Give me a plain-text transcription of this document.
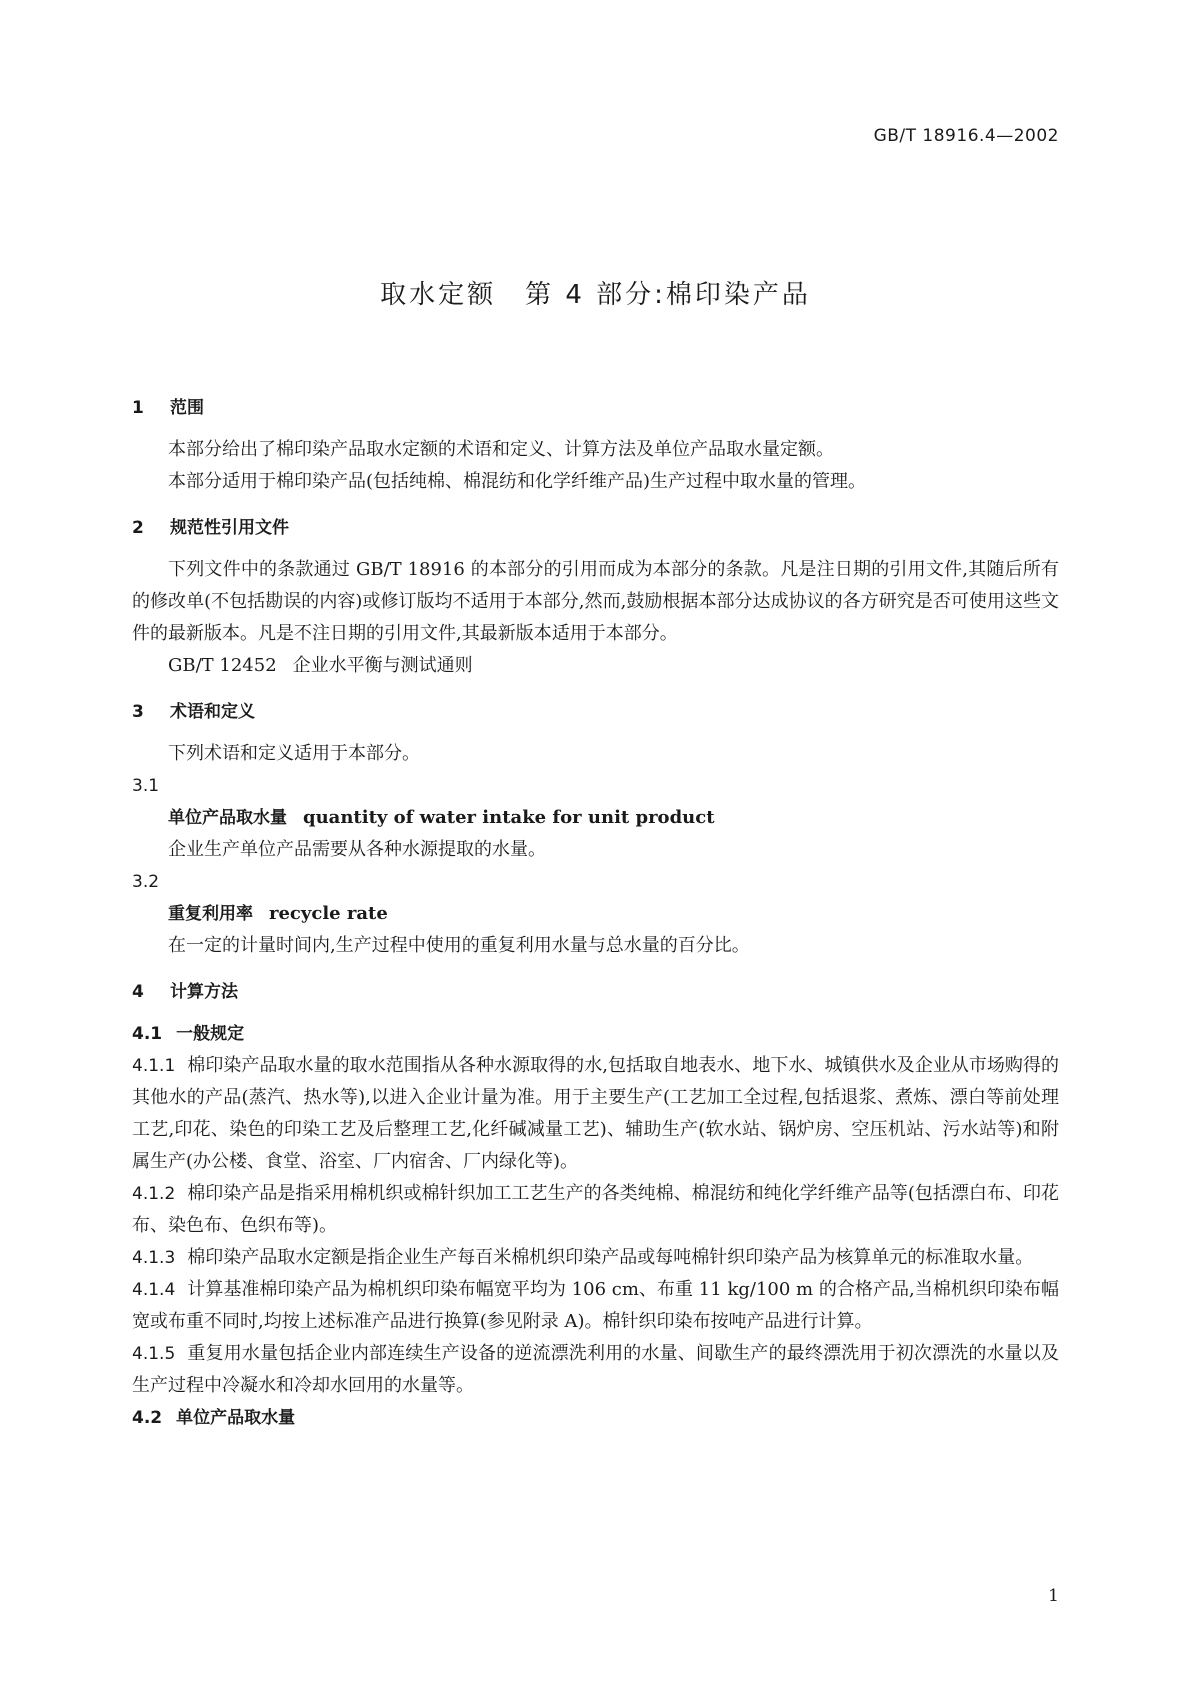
GB/T 18916.4—2002
取水定额　第 4 部分:棉印染产品
1 范围
本部分给出了棉印染产品取水定额的术语和定义、计算方法及单位产品取水量定额。
本部分适用于棉印染产品(包括纯棉、棉混纺和化学纤维产品)生产过程中取水量的管理。
2 规范性引用文件
下列文件中的条款通过 GB/T 18916 的本部分的引用而成为本部分的条款。凡是注日期的引用文件,其随后所有的修改单(不包括勘误的内容)或修订版均不适用于本部分,然而,鼓励根据本部分达成协议的各方研究是否可使用这些文件的最新版本。凡是不注日期的引用文件,其最新版本适用于本部分。
GB/T 12452 企业水平衡与测试通则
3 术语和定义
下列术语和定义适用于本部分。
3.1
单位产品取水量 quantity of water intake for unit product
企业生产单位产品需要从各种水源提取的水量。
3.2
重复利用率 recycle rate
在一定的计量时间内,生产过程中使用的重复利用水量与总水量的百分比。
4 计算方法
4.1 一般规定
4.1.1 棉印染产品取水量的取水范围指从各种水源取得的水,包括取自地表水、地下水、城镇供水及企业从市场购得的其他水的产品(蒸汽、热水等),以进入企业计量为准。用于主要生产(工艺加工全过程,包括退浆、煮炼、漂白等前处理工艺,印花、染色的印染工艺及后整理工艺,化纤碱减量工艺)、辅助生产(软水站、锅炉房、空压机站、污水站等)和附属生产(办公楼、食堂、浴室、厂内宿舍、厂内绿化等)。
4.1.2 棉印染产品是指采用棉机织或棉针织加工工艺生产的各类纯棉、棉混纺和纯化学纤维产品等(包括漂白布、印花布、染色布、色织布等)。
4.1.3 棉印染产品取水定额是指企业生产每百米棉机织印染产品或每吨棉针织印染产品为核算单元的标准取水量。
4.1.4 计算基准棉印染产品为棉机织印染布幅宽平均为 106 cm、布重 11 kg/100 m 的合格产品,当棉机织印染布幅宽或布重不同时,均按上述标准产品进行换算(参见附录 A)。棉针织印染布按吨产品进行计算。
4.1.5 重复用水量包括企业内部连续生产设备的逆流漂洗利用的水量、间歇生产的最终漂洗用于初次漂洗的水量以及生产过程中冷凝水和冷却水回用的水量等。
4.2 单位产品取水量
1
